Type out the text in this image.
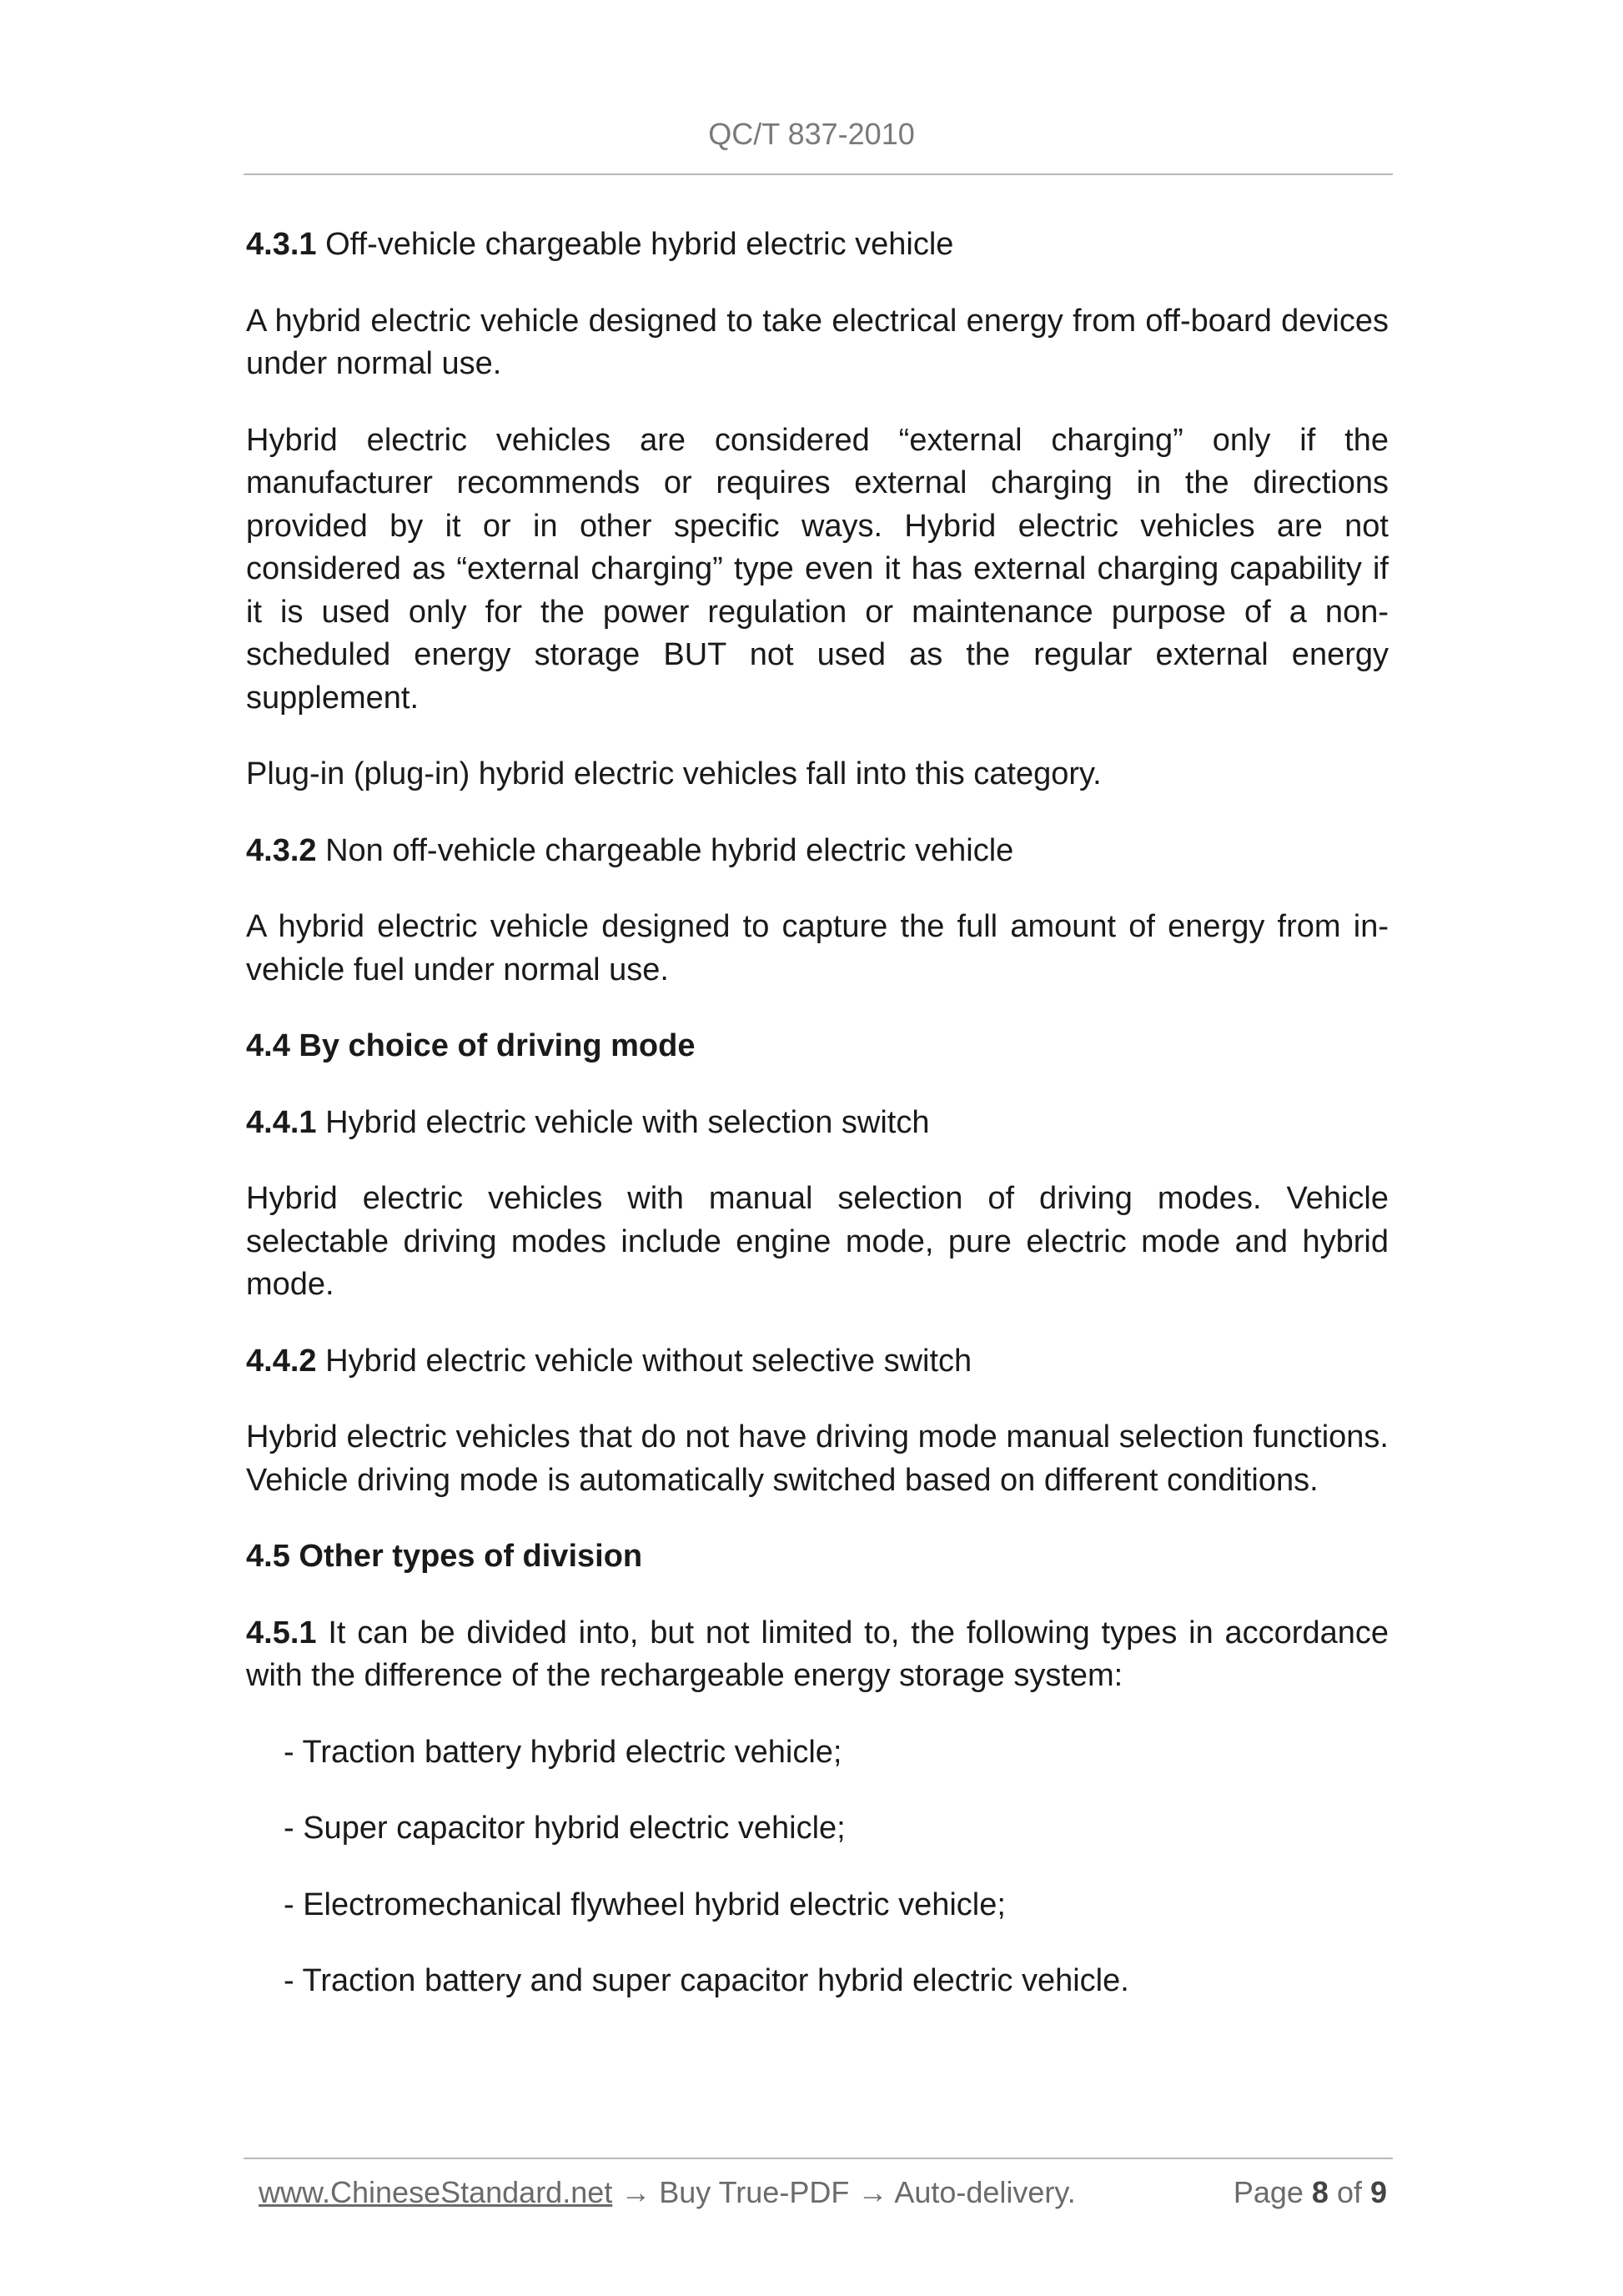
QC/T 837-2010

4.3.1 Off-vehicle chargeable hybrid electric vehicle

A hybrid electric vehicle designed to take electrical energy from off-board devices under normal use.

Hybrid electric vehicles are considered “external charging” only if the manufacturer recommends or requires external charging in the directions provided by it or in other specific ways. Hybrid electric vehicles are not considered as “external charging” type even it has external charging capability if it is used only for the power regulation or maintenance purpose of a non-scheduled energy storage BUT not used as the regular external energy supplement.

Plug-in (plug-in) hybrid electric vehicles fall into this category.

4.3.2 Non off-vehicle chargeable hybrid electric vehicle

A hybrid electric vehicle designed to capture the full amount of energy from in-vehicle fuel under normal use.

4.4 By choice of driving mode

4.4.1 Hybrid electric vehicle with selection switch

Hybrid electric vehicles with manual selection of driving modes. Vehicle selectable driving modes include engine mode, pure electric mode and hybrid mode.

4.4.2 Hybrid electric vehicle without selective switch

Hybrid electric vehicles that do not have driving mode manual selection functions. Vehicle driving mode is automatically switched based on different conditions.

4.5 Other types of division

4.5.1 It can be divided into, but not limited to, the following types in accordance with the difference of the rechargeable energy storage system:

- Traction battery hybrid electric vehicle;

- Super capacitor hybrid electric vehicle;

- Electromechanical flywheel hybrid electric vehicle;

- Traction battery and super capacitor hybrid electric vehicle.

www.ChineseStandard.net → Buy True-PDF → Auto-delivery.	Page 8 of 9
